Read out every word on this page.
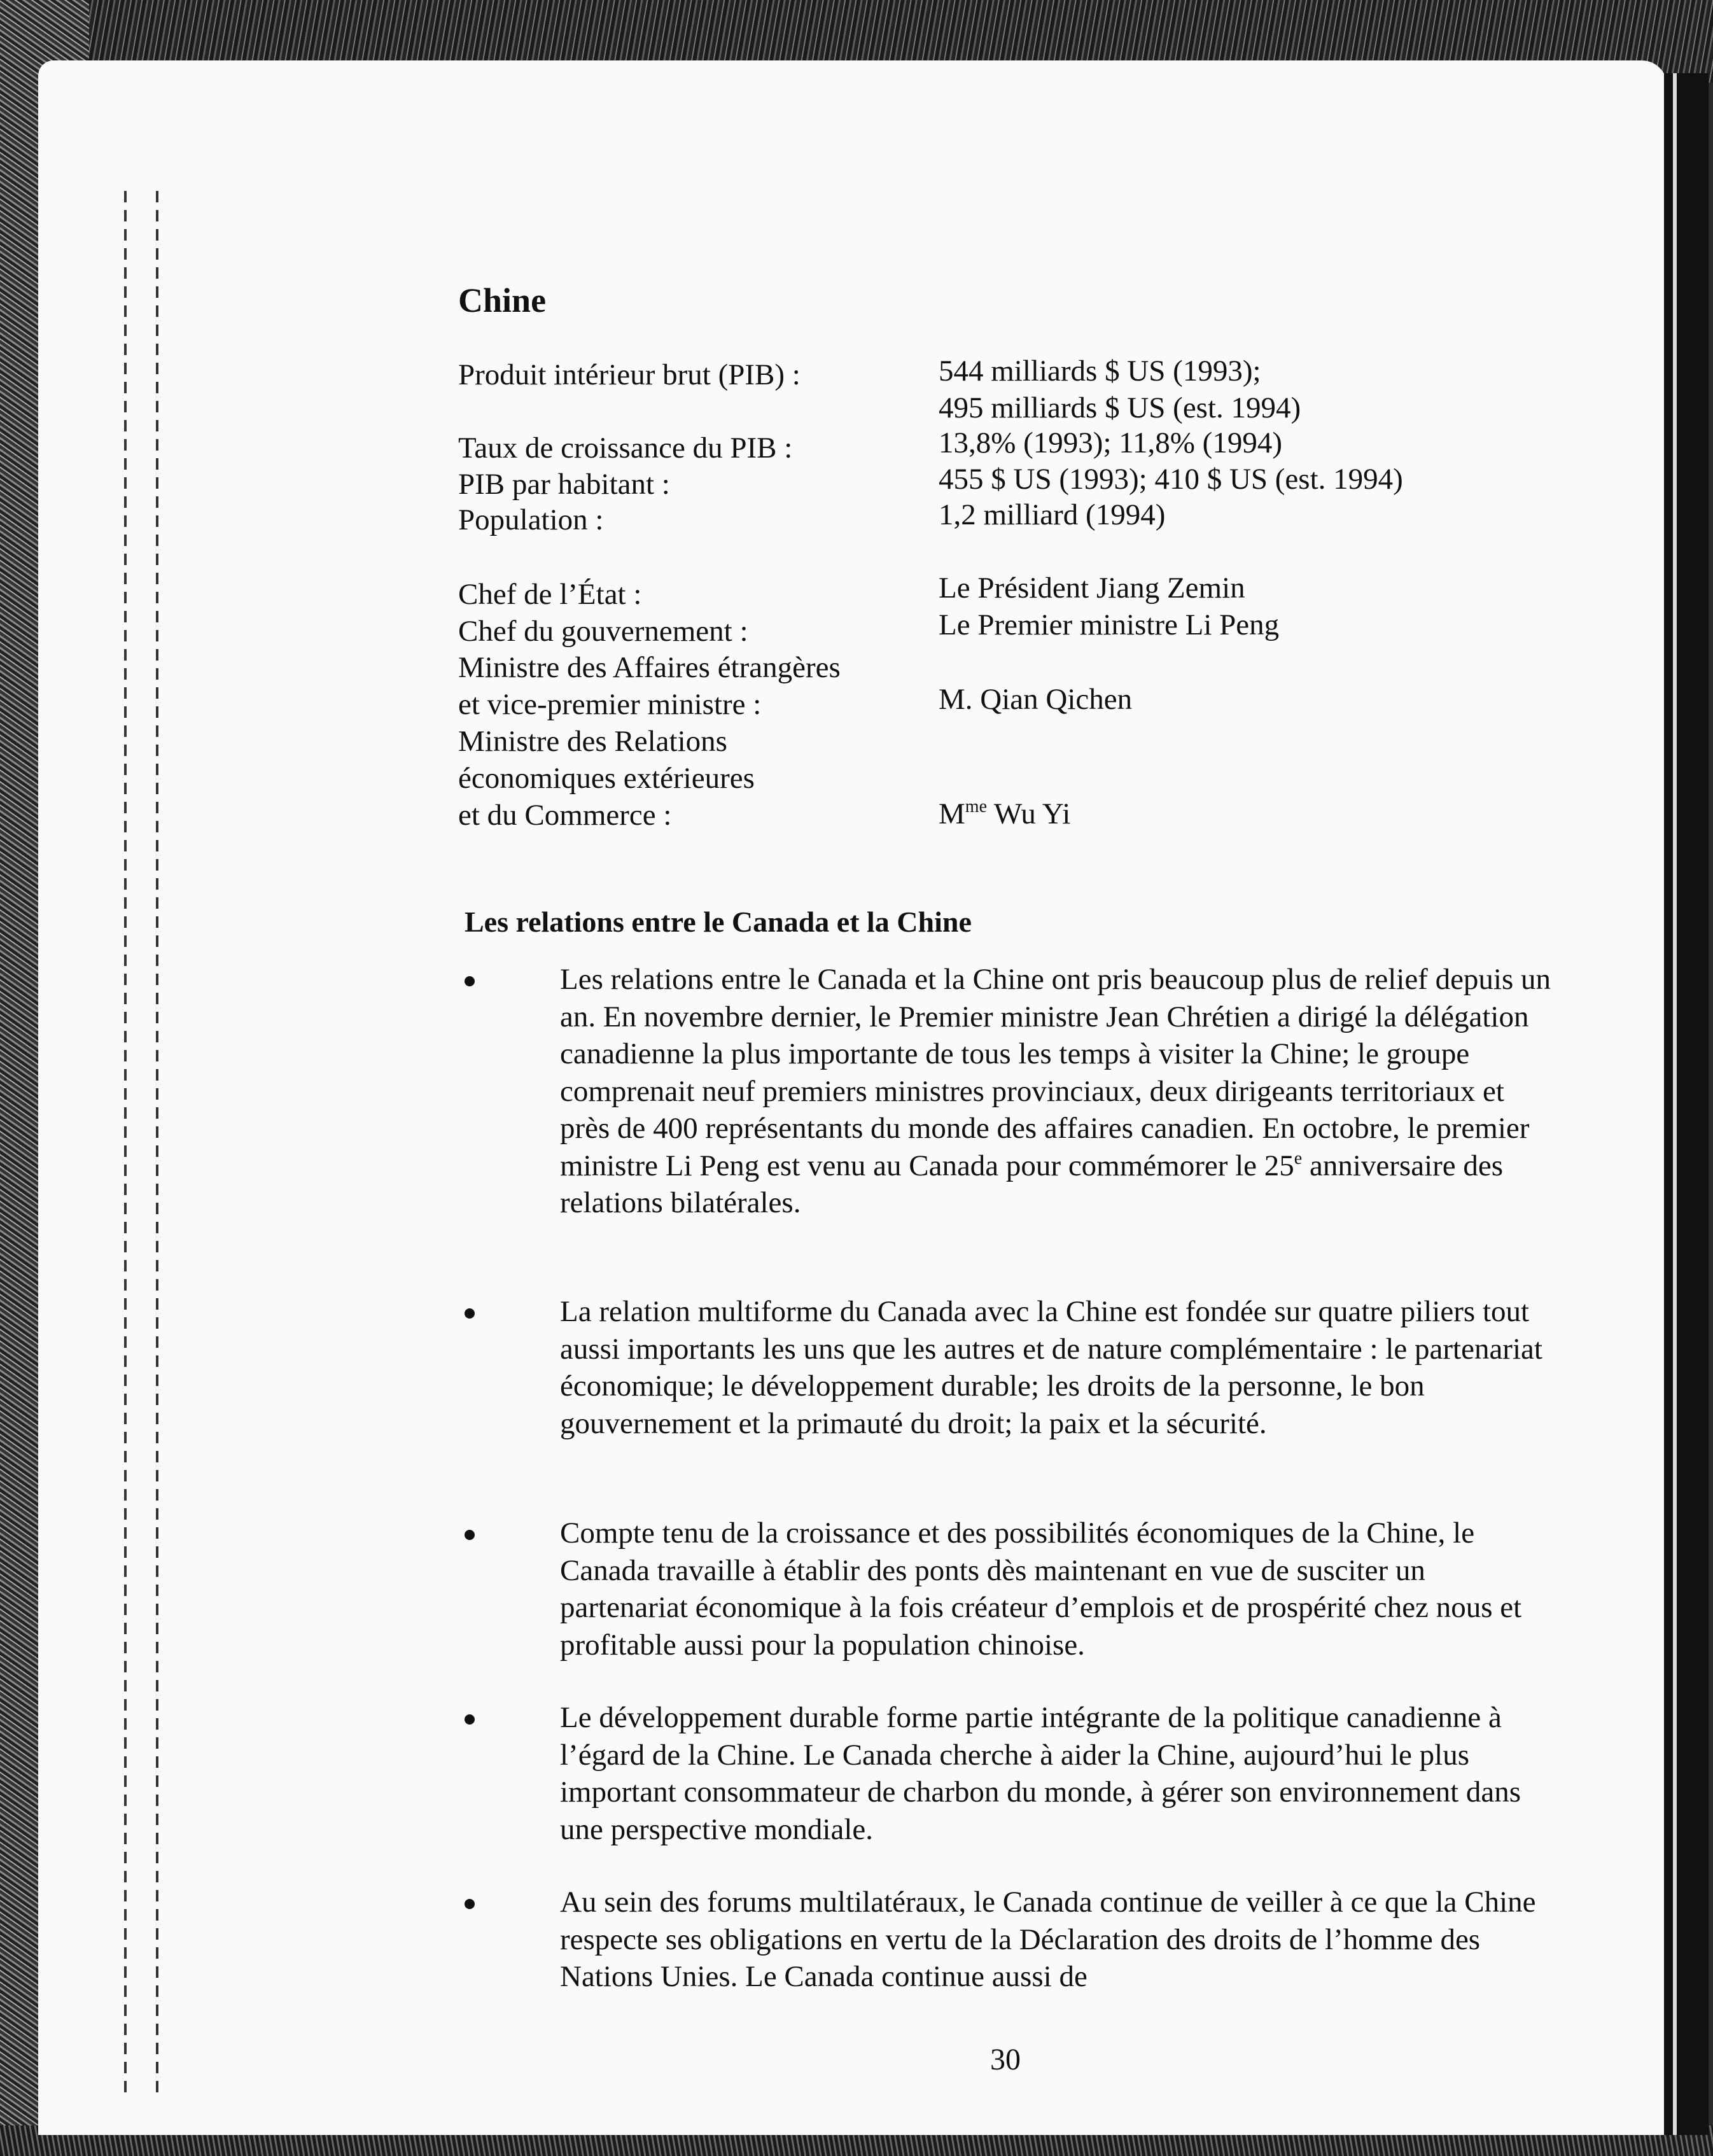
Chine
Produit intérieur brut (PIB) :	544 milliards $ US (1993);
495 milliards $ US (est. 1994)
Taux de croissance du PIB :	13,8% (1993); 11,8% (1994)
PIB par habitant :	455 $ US (1993); 410 $ US (est. 1994)
Population :	1,2 milliard (1994)
Chef de l’État :	Le Président Jiang Zemin
Chef du gouvernement :	Le Premier ministre Li Peng
Ministre des Affaires étrangères
et vice-premier ministre :	M. Qian Qichen
Ministre des Relations
économiques extérieures
et du Commerce :	$M^{me}$ Wu Yi
Les relations entre le Canada et la Chine
Les relations entre le Canada et la Chine ont pris beaucoup plus de relief depuis un an. En novembre dernier, le Premier ministre Jean Chrétien a dirigé la délégation canadienne la plus importante de tous les temps à visiter la Chine; le groupe comprenait neuf premiers ministres provinciaux, deux dirigeants territoriaux et près de 400 représentants du monde des affaires canadien. En octobre, le premier ministre Li Peng est venu au Canada pour commémorer le 25e anniversaire des relations bilatérales.
La relation multiforme du Canada avec la Chine est fondée sur quatre piliers tout aussi importants les uns que les autres et de nature complémentaire : le partenariat économique; le développement durable; les droits de la personne, le bon gouvernement et la primauté du droit; la paix et la sécurité.
Compte tenu de la croissance et des possibilités économiques de la Chine, le Canada travaille à établir des ponts dès maintenant en vue de susciter un partenariat économique à la fois créateur d’emplois et de prospérité chez nous et profitable aussi pour la population chinoise.
Le développement durable forme partie intégrante de la politique canadienne à l’égard de la Chine. Le Canada cherche à aider la Chine, aujourd’hui le plus important consommateur de charbon du monde, à gérer son environnement dans une perspective mondiale.
Au sein des forums multilatéraux, le Canada continue de veiller à ce que la Chine respecte ses obligations en vertu de la Déclaration des droits de l’homme des Nations Unies. Le Canada continue aussi de
30
